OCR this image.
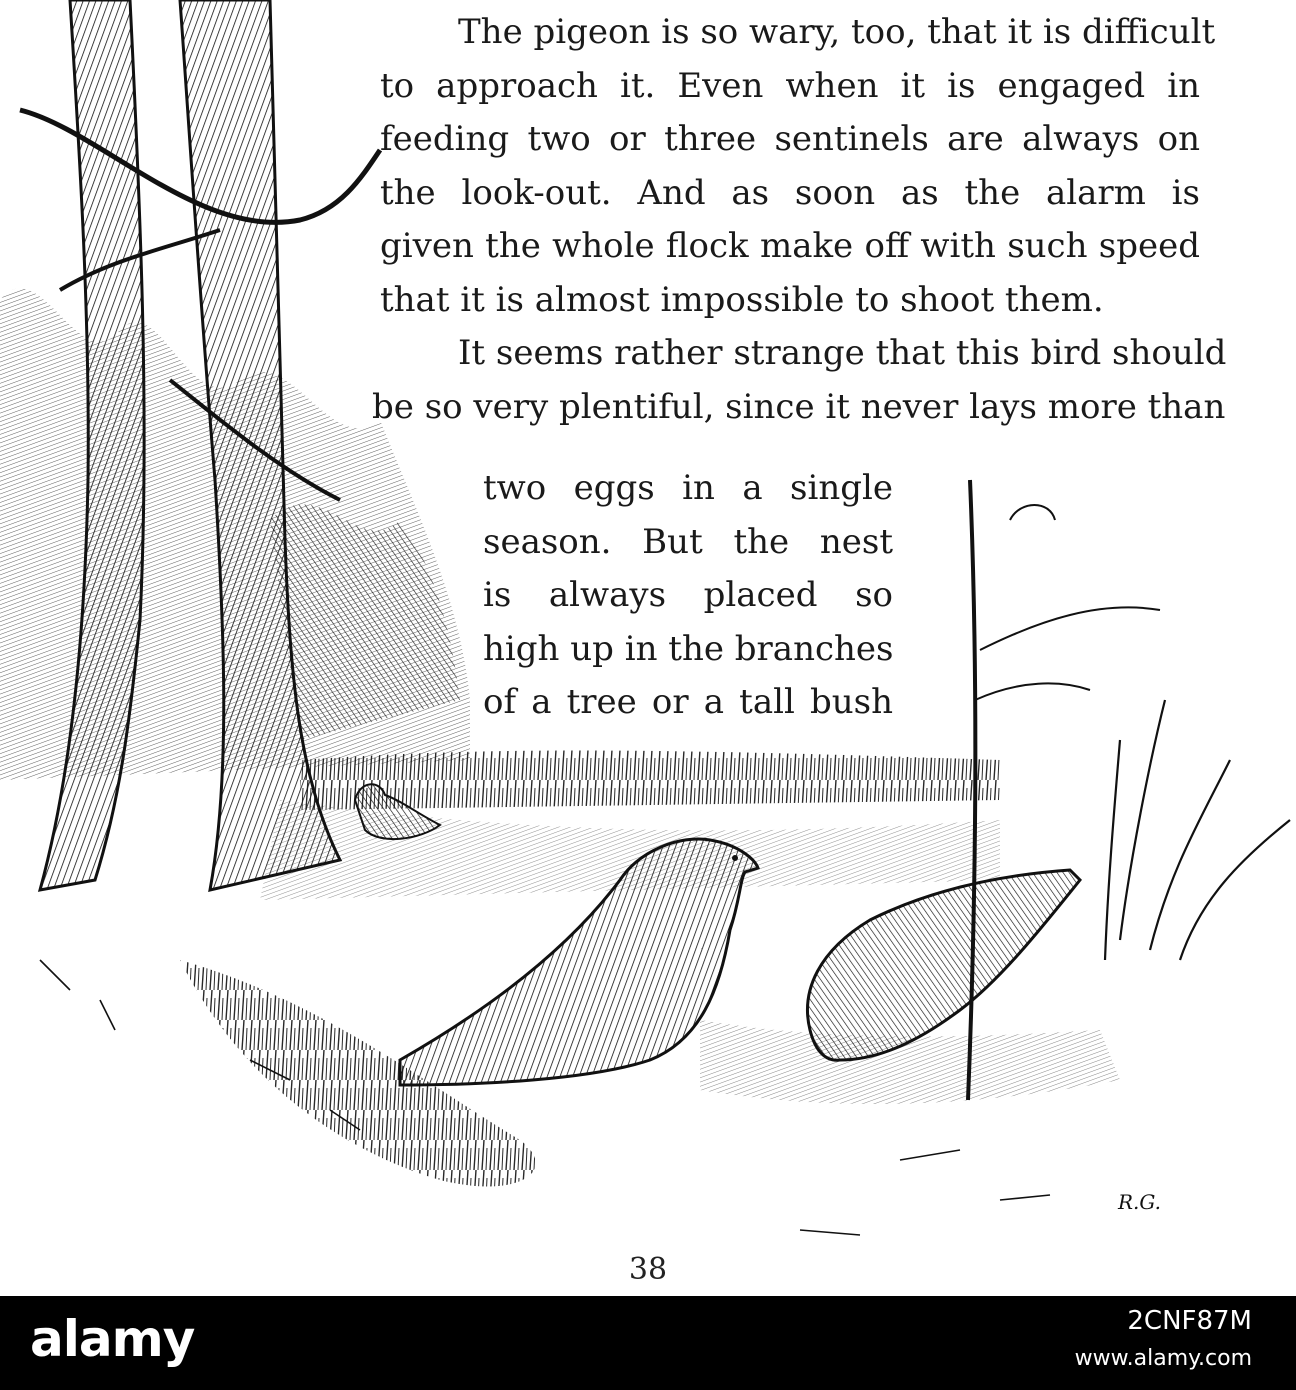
The pigeon is so wary, too, that it is difficult
to approach it. Even when it is engaged in
feeding two or three sentinels are always on
the look-out. And as soon as the alarm is
given the whole flock make off with such speed
that it is almost impossible to shoot them.
It seems rather strange that this bird should
be so very plentiful, since it never lays more than
two eggs in a single
season. But the nest
is always placed so
high up in the branches
of a tree or a tall bush
R.G.
38
alamy	2CNF87M
www.alamy.com
